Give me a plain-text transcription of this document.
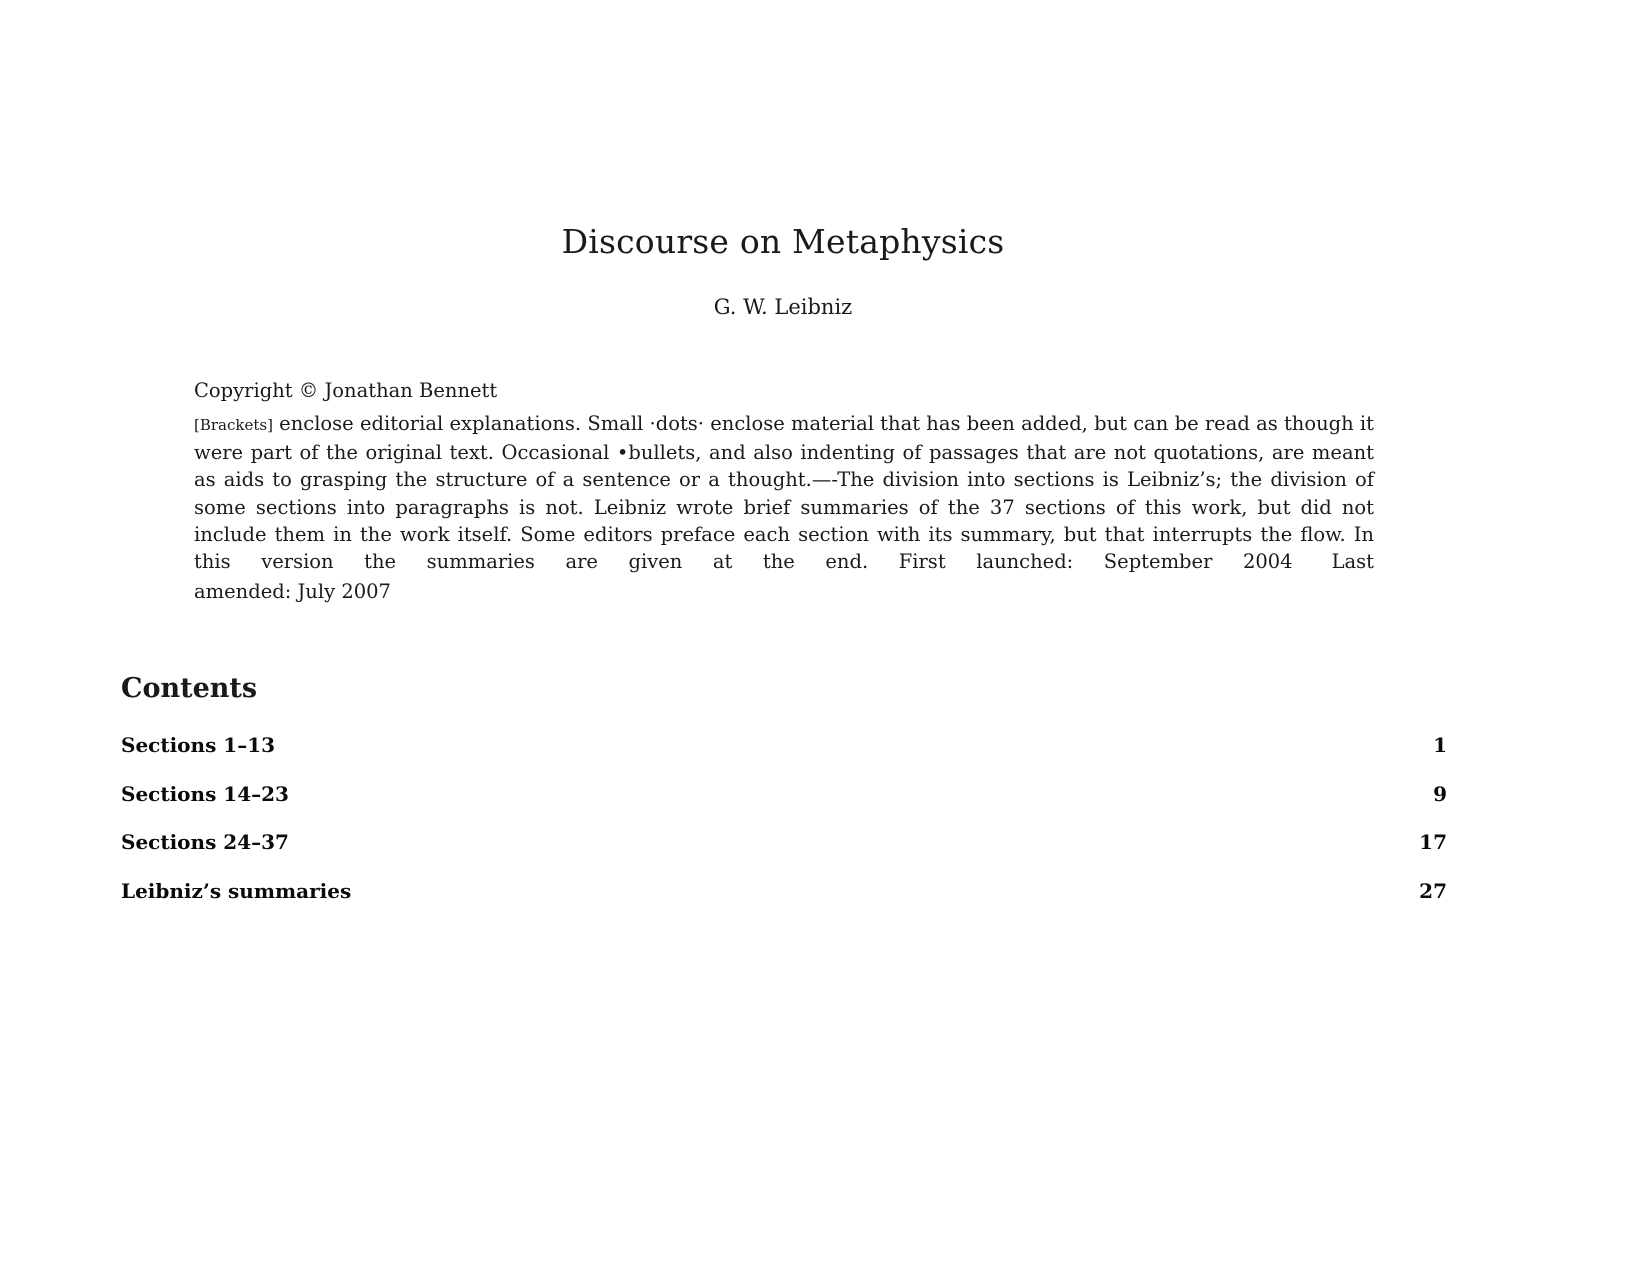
Discourse on Metaphysics

G. W. Leibniz

Copyright © Jonathan Bennett

[Brackets] enclose editorial explanations. Small ·dots· enclose material that has been added, but can be read as though it were part of the original text. Occasional •bullets, and also indenting of passages that are not quotations, are meant as aids to grasping the structure of a sentence or a thought.—-The division into sections is Leibniz’s; the division of some sections into paragraphs is not. Leibniz wrote brief summaries of the 37 sections of this work, but did not include them in the work itself. Some editors preface each section with its summary, but that interrupts the flow. In this version the summaries are given at the end. First launched: September 2004  Last

amended: July 2007

Contents
Sections 1–13	1
Sections 14–23	9
Sections 24–37	17
Leibniz’s summaries	27
